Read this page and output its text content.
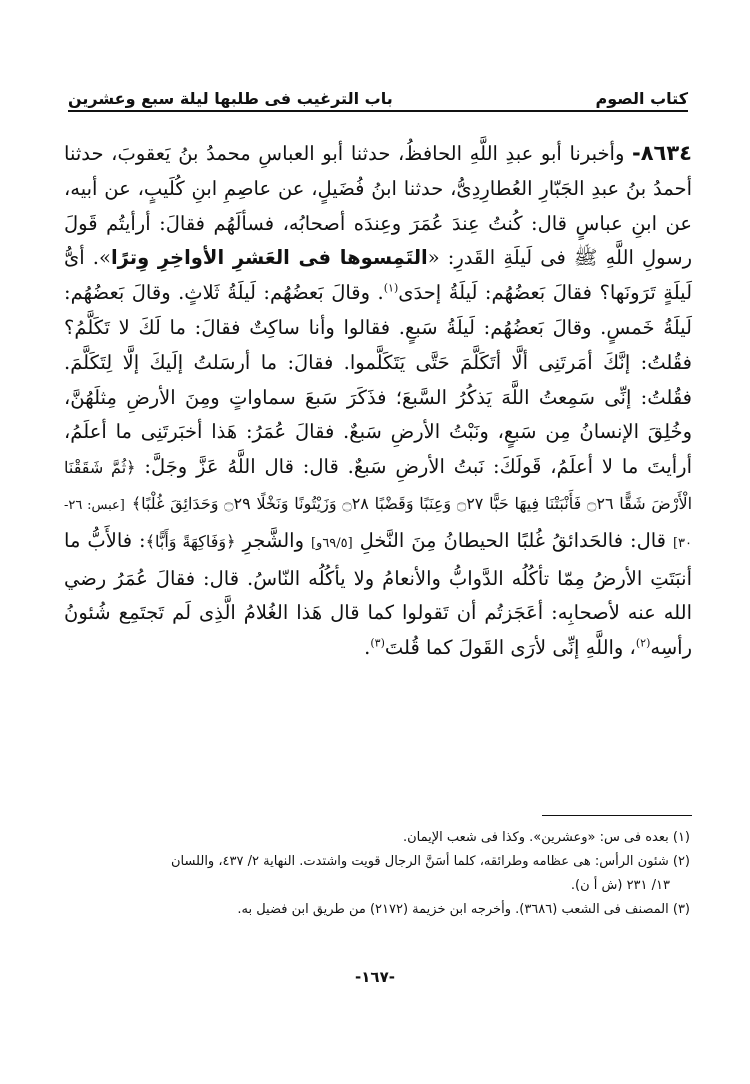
كتاب الصوم
باب الترغيب فى طلبها ليلة سبع وعشرين

٨٦٣٤- وأخبرنا أبو عبدِ اللَّهِ الحافظُ، حدثنا أبو العباسِ محمدُ بنُ يَعقوبَ، حدثنا أحمدُ بنُ عبدِ الجَبّارِ العُطارِدِىُّ، حدثنا ابنُ فُضَيلٍ، عن عاصِمِ ابنِ كُلَيبٍ، عن أبيه، عن ابنِ عباسٍ قال: كُنتُ عِندَ عُمَرَ وعِندَه أصحابُه، فسألَهُم فقالَ: أرأيتُم قَولَ رسولِ اللَّهِ ﷺ فى لَيلَةِ القَدرِ: «التَمِسوها فى العَشرِ الأواخِرِ وِترًا». أىُّ لَيلَةٍ تَرَونَها؟ فقالَ بَعضُهُم: لَيلَةُ إحدَى$^{(١)}$. وقالَ بَعضُهُم: لَيلَةُ ثَلاثٍ. وقالَ بَعضُهُم: لَيلَةُ خَمسٍ. وقالَ بَعضُهُم: لَيلَةُ سَبعٍ. فقالوا وأنا ساكِتٌ فقالَ: ما لَكَ لا تَكَلَّمُ؟ فقُلتُ: إنَّكَ أمَرتَنِى ألَّا أتَكَلَّمَ حَتَّى يَتَكَلَّموا. فقالَ: ما أرسَلتُ إلَيكَ إلَّا لِتَكَلَّمَ. فقُلتُ: إنِّى سَمِعتُ اللَّهَ يَذكُرُ السَّبعَ؛ فذَكَرَ سَبعَ سماواتٍ ومِنَ الأرضِ مِثلَهُنَّ، وخُلِقَ الإنسانُ مِن سَبعٍ، ونَبْتُ الأرضِ سَبعٌ. فقالَ عُمَرُ: هَذا أخبَرتَنِى ما أعلَمُ، أرأيتَ ما لا أعلَمُ، قَولَكَ: نَبتُ الأرضِ سَبعٌ. قال: قال اللَّهُ عَزَّ وجَلَّ: ﴿ثُمَّ شَقَقْنَا الْأَرْضَ شَقًّا ۝٢٦ فَأَنْبَتْنَا فِيهَا حَبًّا ۝٢٧ وَعِنَبًا وَقَضْبًا ۝٢٨ وَزَيْتُونًا وَنَخْلًا ۝٢٩ وَحَدَائِقَ غُلْبًا﴾ [عبس: ٢٦- ٣٠] قال: فالحَدائقُ غُلبًا الحيطانُ مِنَ النَّخلِ [٦٩/٥و] والشَّجرِ ﴿وَفَاكِهَةً وَأَبًّا﴾: فالأَبُّ ما أنبَتَتِ الأرضُ مِمّا تأكُلُه الدَّوابُّ والأنعامُ ولا يأكُلُه النّاسُ. قال: فقالَ عُمَرُ رضي الله عنه لأصحابِه: أعَجَزتُم أن تَقولوا كما قال هَذا الغُلامُ الَّذِى لَم تَجتَمِع شُئونُ رأسِه$^{(٢)}$، واللَّهِ إنِّى لأرَى القَولَ كما قُلتَ$^{(٣)}$.

(١) بعده فى س: «وعشرين». وكذا فى شعب الإيمان.

(٢) شئون الرأس: هى عظامه وطرائقه، كلما أسَنَّ الرجال قويت واشتدت. النهاية ٢/ ٤٣٧، واللسان

١٣/ ٢٣١ (ش أ ن).

(٣) المصنف فى الشعب (٣٦٨٦). وأخرجه ابن خزيمة (٢١٧٢) من طريق ابن فضيل به.

-١٦٧-
